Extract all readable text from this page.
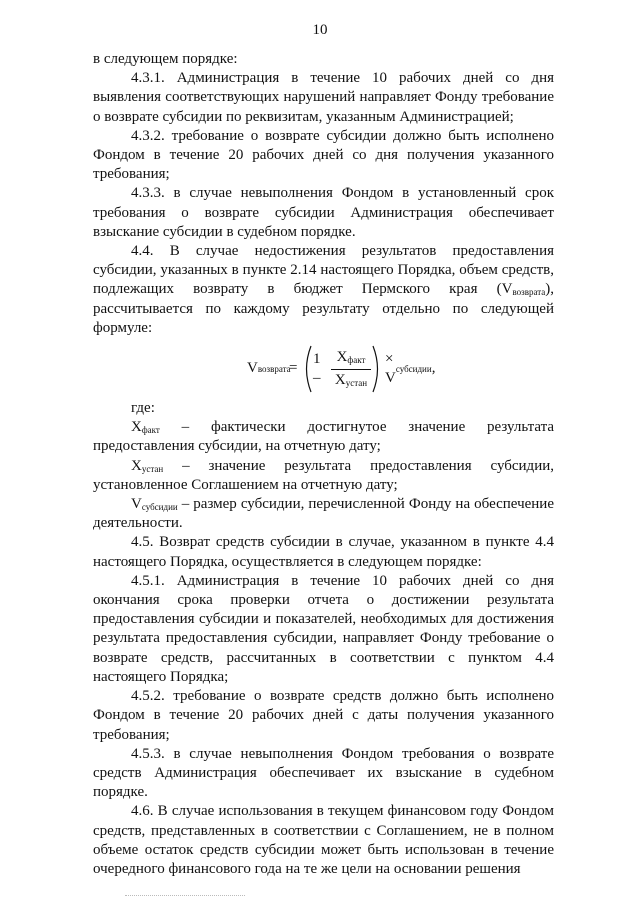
10

в следующем порядке:

4.3.1. Администрация в течение 10 рабочих дней со дня выявления соответствующих нарушений направляет Фонду требование о возврате субсидии по реквизитам, указанным Администрацией;

4.3.2. требование о возврате субсидии должно быть исполнено Фондом в течение 20 рабочих дней со дня получения указанного требования;

4.3.3. в случае невыполнения Фондом в установленный срок требования о возврате субсидии Администрация обеспечивает взыскание субсидии в судебном порядке.

4.4. В случае недостижения результатов предоставления субсидии, указанных в пункте 2.14 настоящего Порядка, объем средств, подлежащих возврату в бюджет Пермского края $(V_{возврата})$, рассчитывается по каждому результату отдельно по следующей формуле:

V возврата
=
1 –
$X_{факт}$
$X_{устан}$
× V
субсидии ,

где:

$X_{факт}$ – фактически достигнутое значение результата предоставления субсидии, на отчетную дату;

$X_{устан}$ – значение результата предоставления субсидии, установленное Соглашением на отчетную дату;

$V_{субсидии}$ – размер субсидии, перечисленной Фонду на обеспечение деятельности.

4.5. Возврат средств субсидии в случае, указанном в пункте 4.4 настоящего Порядка, осуществляется в следующем порядке:

4.5.1. Администрация в течение 10 рабочих дней со дня окончания срока проверки отчета о достижении результата предоставления субсидии и показателей, необходимых для достижения результата предоставления субсидии, направляет Фонду требование о возврате средств, рассчитанных в соответствии с пунктом 4.4 настоящего Порядка;

4.5.2. требование о возврате средств должно быть исполнено Фондом в течение 20 рабочих дней с даты получения указанного требования;

4.5.3. в случае невыполнения Фондом требования о возврате средств Администрация обеспечивает их взыскание в судебном порядке.

4.6. В случае использования в текущем финансовом году Фондом средств, представленных в соответствии с Соглашением, не в полном объеме остаток средств субсидии может быть использован в течение очередного финансового года на те же цели на основании решения
